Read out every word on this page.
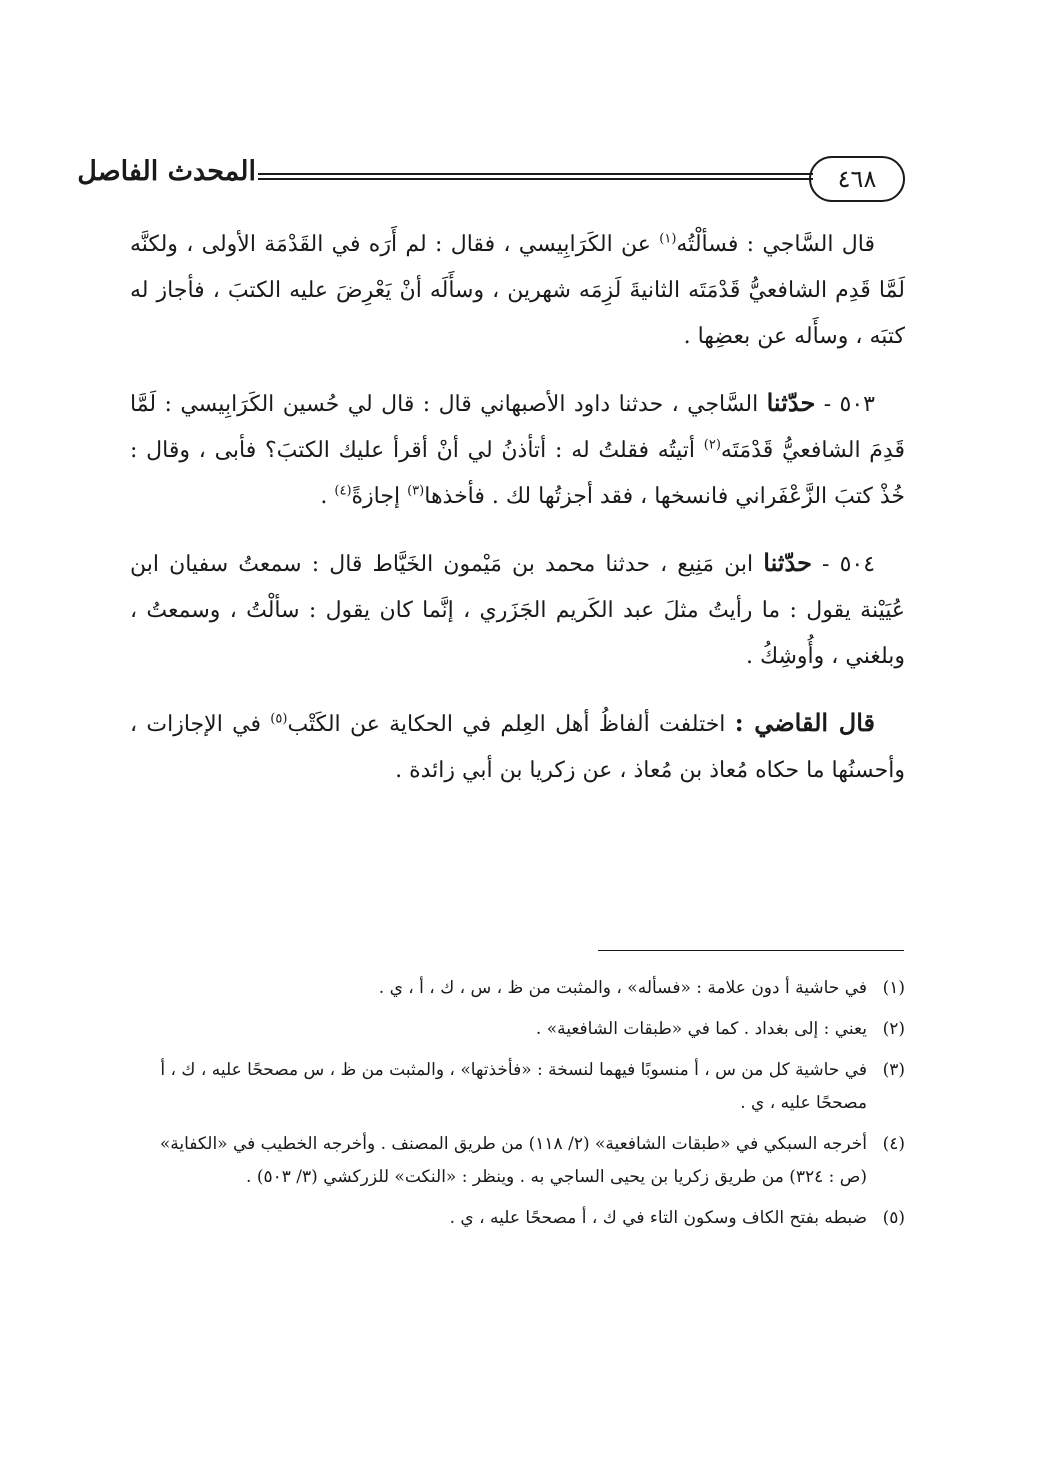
٤٦٨
المحدث الفاصل
قال السَّاجي : فسألْتُه$^{(١)}$ عن الكَرَابِيسي ، فقال : لم أَرَه في القَدْمَة الأولى ، ولكنَّه لَمَّا قَدِم الشافعيُّ قَدْمَتَه الثانيةَ لَزِمَه شهرين ، وسأَلَه أنْ يَعْرِضَ عليه الكتبَ ، فأجاز له كتبَه ، وسأَله عن بعضِها .
٥٠٣ - حدّثنا السَّاجي ، حدثنا داود الأصبهاني قال : قال لي حُسين الكَرَابِيسي : لَمَّا قَدِمَ الشافعيُّ قَدْمَتَه$^{(٢)}$ أتيتُه فقلتُ له : أتأذنُ لي أنْ أقرأ عليك الكتبَ؟ فأبى ، وقال : خُذْ كتبَ الزَّعْفَراني فانسخها ، فقد أجزتُها لك . فأخذها$^{(٣)}$ إجازةً$^{(٤)}$ .
٥٠٤ - حدّثنا ابن مَنِيع ، حدثنا محمد بن مَيْمون الخَيَّاط قال : سمعتُ سفيان ابن عُيَيْنة يقول : ما رأيتُ مثلَ عبد الكَريم الجَزَري ، إنَّما كان يقول : سألْتُ ، وسمعتُ ، وبلغني ، وأُوشِكُ .
قال القاضي : اختلفت ألفاظُ أهل العِلم في الحكاية عن الكَتْب$^{(٥)}$ في الإجازات ، وأحسنُها ما حكاه مُعاذ بن مُعاذ ، عن زكريا بن أبي زائدة .
(١)
في حاشية أ دون علامة : «فسأله» ، والمثبت من ظ ، س ، ك ، أ ، ي .
(٢)
يعني : إلى بغداد . كما في «طبقات الشافعية» .
(٣)
في حاشية كل من س ، أ منسوبًا فيهما لنسخة : «فأخذتها» ، والمثبت من ظ ، س مصححًا عليه ، ك ، أ مصححًا عليه ، ي .
(٤)
أخرجه السبكي في «طبقات الشافعية» (٢/ ١١٨) من طريق المصنف . وأخرجه الخطيب في «الكفاية» (ص : ٣٢٤) من طريق زكريا بن يحيى الساجي به . وينظر : «النكت» للزركشي (٣/ ٥٠٣) .
(٥)
ضبطه بفتح الكاف وسكون التاء في ك ، أ مصححًا عليه ، ي .
